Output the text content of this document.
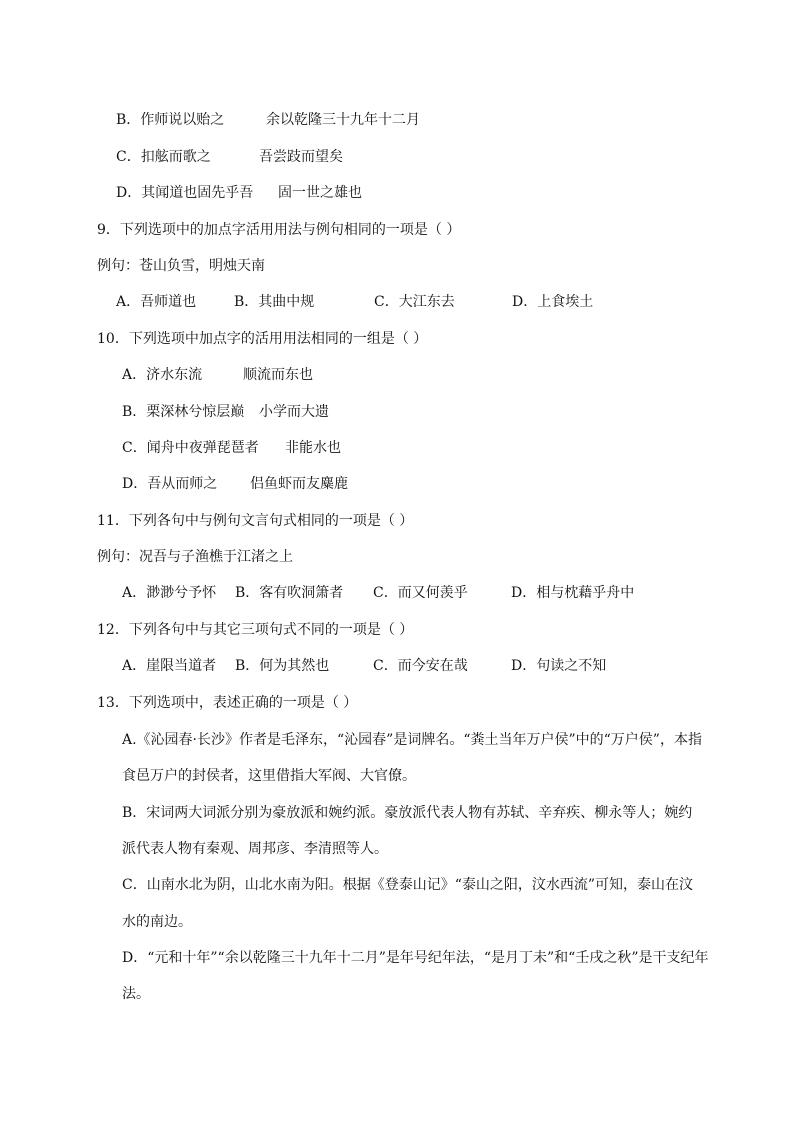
B．作师说以贻之	余以乾隆三十九年十二月
C．扣舷而歌之	吾尝跂而望矣
D．其闻道也固先乎吾 固一世之雄也
9．下列选项中的加点字活用用法与例句相同的一项是（ ）
例句：苍山负雪，明烛天南
A．吾师道也	B．其曲中规	C．大江东去	D．上食埃土
10．下列选项中加点字的活用用法相同的一组是（ ）
A．济水东流	顺流而东也
B．栗深林兮惊层巅 小学而大遗
C．闻舟中夜弹琵琶者 非能水也
D．吾从而师之 侣鱼虾而友麋鹿
11．下列各句中与例句文言句式相同的一项是（ ）
例句：况吾与子渔樵于江渚之上
A．渺渺兮予怀 B．客有吹洞箫者 C．而又何羡乎	D．相与枕藉乎舟中
12．下列各句中与其它三项句式不同的一项是（ ）
A．崖限当道者 B．何为其然也	C．而今安在哉	D．句读之不知
13．下列选项中，表述正确的一项是（ ）
A.《沁园春·长沙》作者是毛泽东，“沁园春”是词牌名。“粪土当年万户侯”中的“万户侯”，本指
食邑万户的封侯者，这里借指大军阀、大官僚。
B．宋词两大词派分别为豪放派和婉约派。豪放派代表人物有苏轼、辛弃疾、柳永等人；婉约
派代表人物有秦观、周邦彦、李清照等人。
C．山南水北为阴，山北水南为阳。根据《登泰山记》“泰山之阳，汶水西流”可知，泰山在汶
水的南边。
D．“元和十年”“余以乾隆三十九年十二月”是年号纪年法，“是月丁未”和“壬戌之秋”是干支纪年
法。
